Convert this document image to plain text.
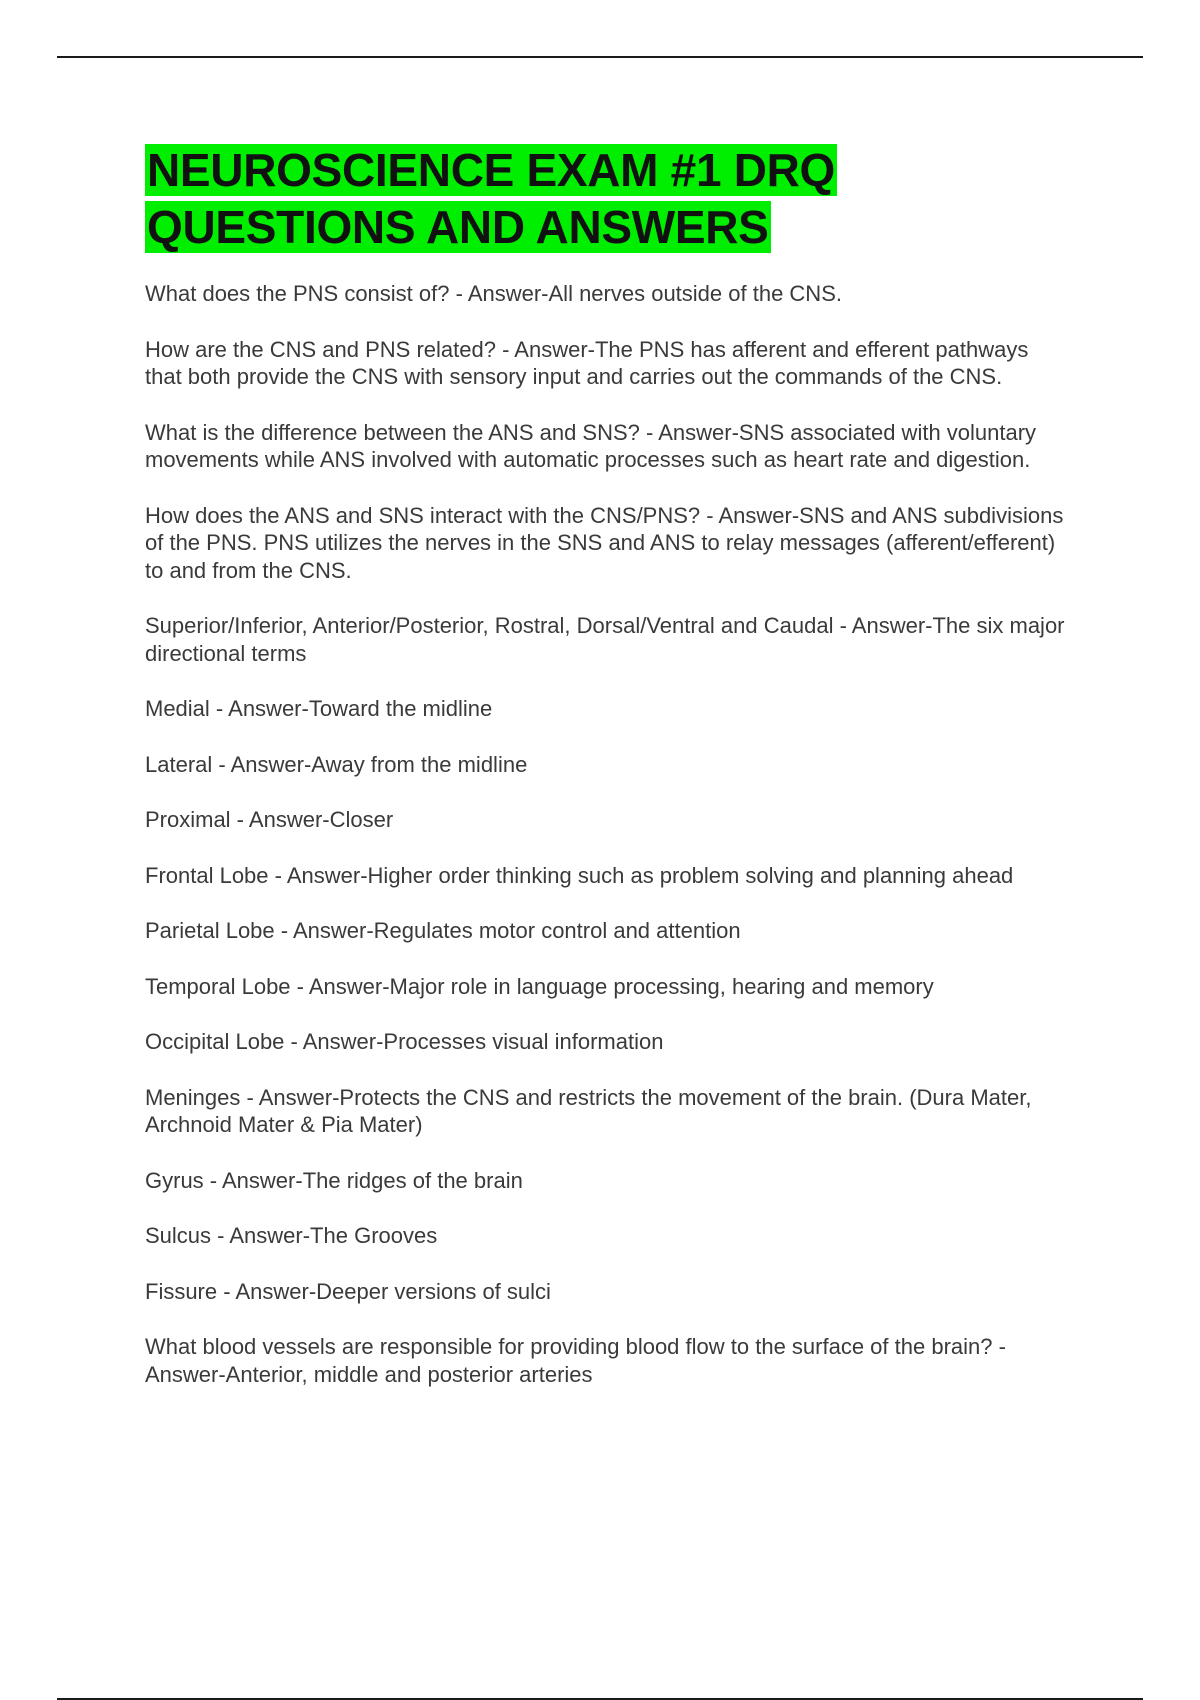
NEUROSCIENCE EXAM #1 DRQ
QUESTIONS AND ANSWERS

What does the PNS consist of? - Answer-All nerves outside of the CNS.

How are the CNS and PNS related? - Answer-The PNS has afferent and efferent pathways that both provide the CNS with sensory input and carries out the commands of the CNS.

What is the difference between the ANS and SNS? - Answer-SNS associated with voluntary movements while ANS involved with automatic processes such as heart rate and digestion.

How does the ANS and SNS interact with the CNS/PNS? - Answer-SNS and ANS subdivisions of the PNS. PNS utilizes the nerves in the SNS and ANS to relay messages (afferent/efferent) to and from the CNS.

Superior/Inferior, Anterior/Posterior, Rostral, Dorsal/Ventral and Caudal - Answer-The six major directional terms

Medial - Answer-Toward the midline

Lateral - Answer-Away from the midline

Proximal - Answer-Closer

Frontal Lobe - Answer-Higher order thinking such as problem solving and planning ahead

Parietal Lobe - Answer-Regulates motor control and attention

Temporal Lobe - Answer-Major role in language processing, hearing and memory

Occipital Lobe - Answer-Processes visual information

Meninges - Answer-Protects the CNS and restricts the movement of the brain. (Dura Mater, Archnoid Mater & Pia Mater)

Gyrus - Answer-The ridges of the brain

Sulcus - Answer-The Grooves

Fissure - Answer-Deeper versions of sulci

What blood vessels are responsible for providing blood flow to the surface of the brain? - Answer-Anterior, middle and posterior arteries
